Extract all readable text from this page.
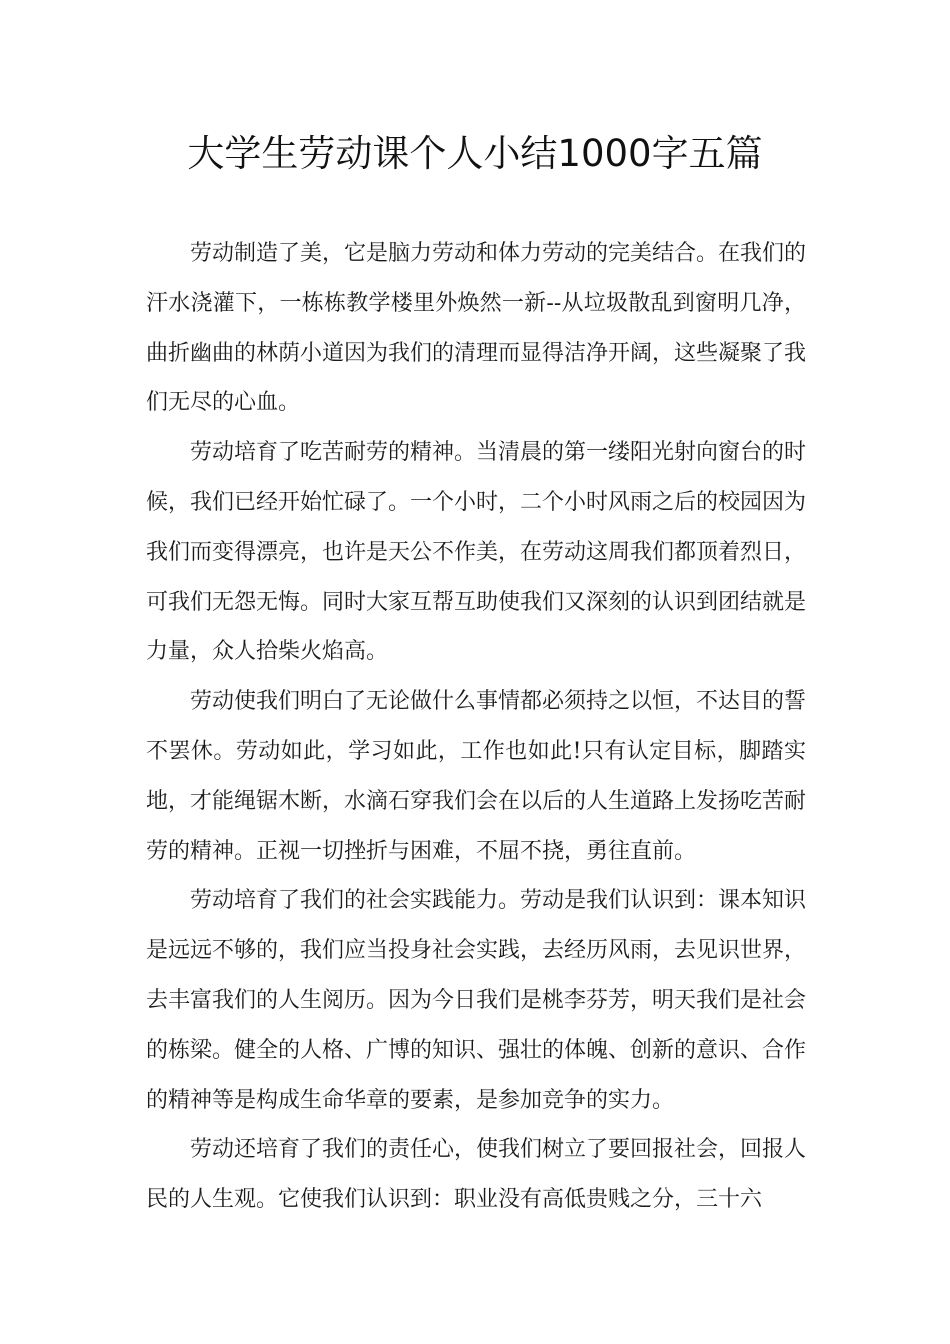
大学生劳动课个人小结1000字五篇

劳动制造了美，它是脑力劳动和体力劳动的完美结合。在我们的汗水浇灌下，一栋栋教学楼里外焕然一新--从垃圾散乱到窗明几净，曲折幽曲的林荫小道因为我们的清理而显得洁净开阔，这些凝聚了我们无尽的心血。

劳动培育了吃苦耐劳的精神。当清晨的第一缕阳光射向窗台的时候，我们已经开始忙碌了。一个小时，二个小时风雨之后的校园因为我们而变得漂亮，也许是天公不作美，在劳动这周我们都顶着烈日，可我们无怨无悔。同时大家互帮互助使我们又深刻的认识到团结就是力量，众人拾柴火焰高。

劳动使我们明白了无论做什么事情都必须持之以恒，不达目的誓不罢休。劳动如此，学习如此，工作也如此!只有认定目标，脚踏实地，才能绳锯木断，水滴石穿我们会在以后的人生道路上发扬吃苦耐劳的精神。正视一切挫折与困难，不屈不挠，勇往直前。

劳动培育了我们的社会实践能力。劳动是我们认识到：课本知识是远远不够的，我们应当投身社会实践，去经历风雨，去见识世界，去丰富我们的人生阅历。因为今日我们是桃李芬芳，明天我们是社会的栋梁。健全的人格、广博的知识、强壮的体魄、创新的意识、合作的精神等是构成生命华章的要素，是参加竞争的实力。

劳动还培育了我们的责任心，使我们树立了要回报社会，回报人民的人生观。它使我们认识到：职业没有高低贵贱之分，三十六
